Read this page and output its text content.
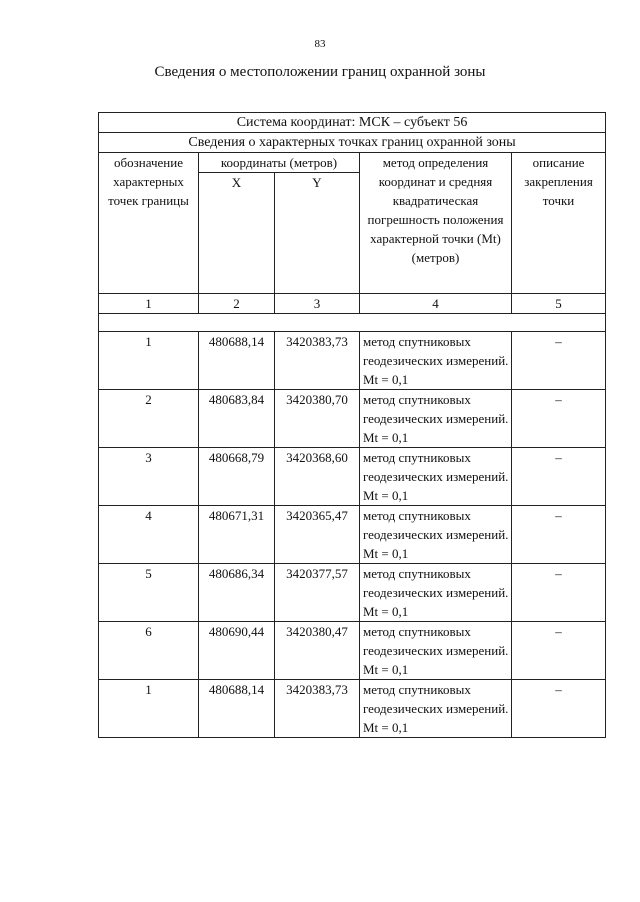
83
Сведения о местоположении границ охранной зоны
Система координат: МСК – субъект 56				
Сведения о характерных точках границ охранной зоны				
обозначение характерных точек границы	координаты (метров)		метод определения координат и средняя квадратическая погрешность положения характерной точки (Mt) (метров)	описание закрепления точки
	X	Y		
1	2	3	4	5

1	480688,14	3420383,73	метод спутниковых геодезических измерений. Mt = 0,1	–
2	480683,84	3420380,70	метод спутниковых геодезических измерений. Mt = 0,1	–
3	480668,79	3420368,60	метод спутниковых геодезических измерений. Mt = 0,1	–
4	480671,31	3420365,47	метод спутниковых геодезических измерений. Mt = 0,1	–
5	480686,34	3420377,57	метод спутниковых геодезических измерений. Mt = 0,1	–
6	480690,44	3420380,47	метод спутниковых геодезических измерений. Mt = 0,1	–
1	480688,14	3420383,73	метод спутниковых геодезических измерений. Mt = 0,1	–
